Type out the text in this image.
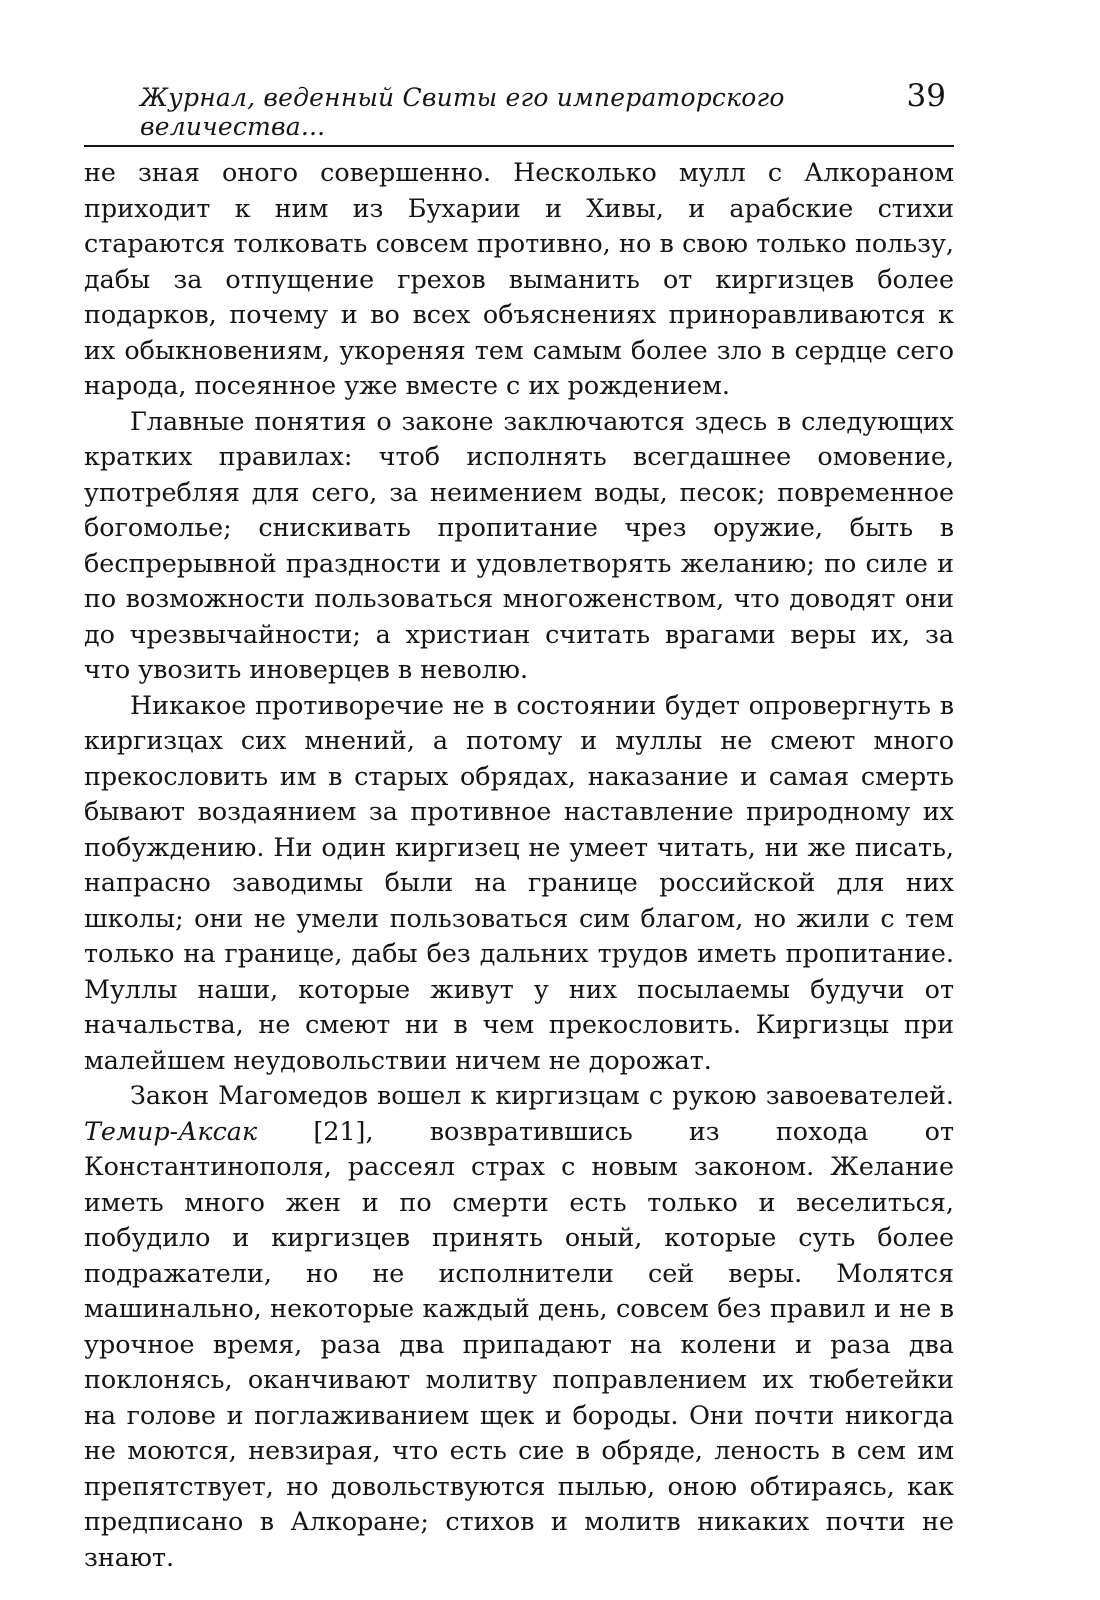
Журнал, веденный Свиты его императорского величества...
39

не зная оного совершенно. Несколько мулл с Алкораном приходит к ним из Бухарии и Хивы, и арабские стихи стараются толковать совсем противно, но в свою только пользу, дабы за отпущение грехов выманить от киргизцев более подарков, почему и во всех объяснениях приноравливаются к их обыкновениям, укореняя тем самым более зло в сердце сего народа, посеянное уже вместе с их рождением.

Главные понятия о законе заключаются здесь в следующих кратких правилах: чтоб исполнять всегдашнее омовение, употребляя для сего, за неимением воды, песок; повременное богомолье; снискивать пропитание чрез оружие, быть в беспрерывной праздности и удовлетворять желанию; по силе и по возможности пользоваться многоженством, что доводят они до чрезвычайности; а христиан считать врагами веры их, за что увозить иноверцев в неволю.

Никакое противоречие не в состоянии будет опровергнуть в киргизцах сих мнений, а потому и муллы не смеют много прекословить им в старых обрядах, наказание и самая смерть бывают воздаянием за противное наставление природному их побуждению. Ни один киргизец не умеет читать, ни же писать, напрасно заводимы были на границе российской для них школы; они не умели пользоваться сим благом, но жили с тем только на границе, дабы без дальних трудов иметь пропитание. Муллы наши, которые живут у них посылаемы будучи от начальства, не смеют ни в чем прекословить. Киргизцы при малейшем неудовольствии ничем не дорожат.

Закон Магомедов вошел к киргизцам с рукою завоевателей. Темир-Аксак [21], возвратившись из похода от Константинополя, рассеял страх с новым законом. Желание иметь много жен и по смерти есть только и веселиться, побудило и киргизцев принять оный, которые суть более подражатели, но не исполнители сей веры. Молятся машинально, некоторые каждый день, совсем без правил и не в урочное время, раза два припадают на колени и раза два поклонясь, оканчивают молитву поправлением их тюбетейки на голове и поглаживанием щек и бороды. Они почти никогда не моются, невзирая, что есть сие в обряде, леность в сем им препятствует, но довольствуются пылью, оною обтираясь, как предписано в Алкоране; стихов и молитв никаких почти не знают.
